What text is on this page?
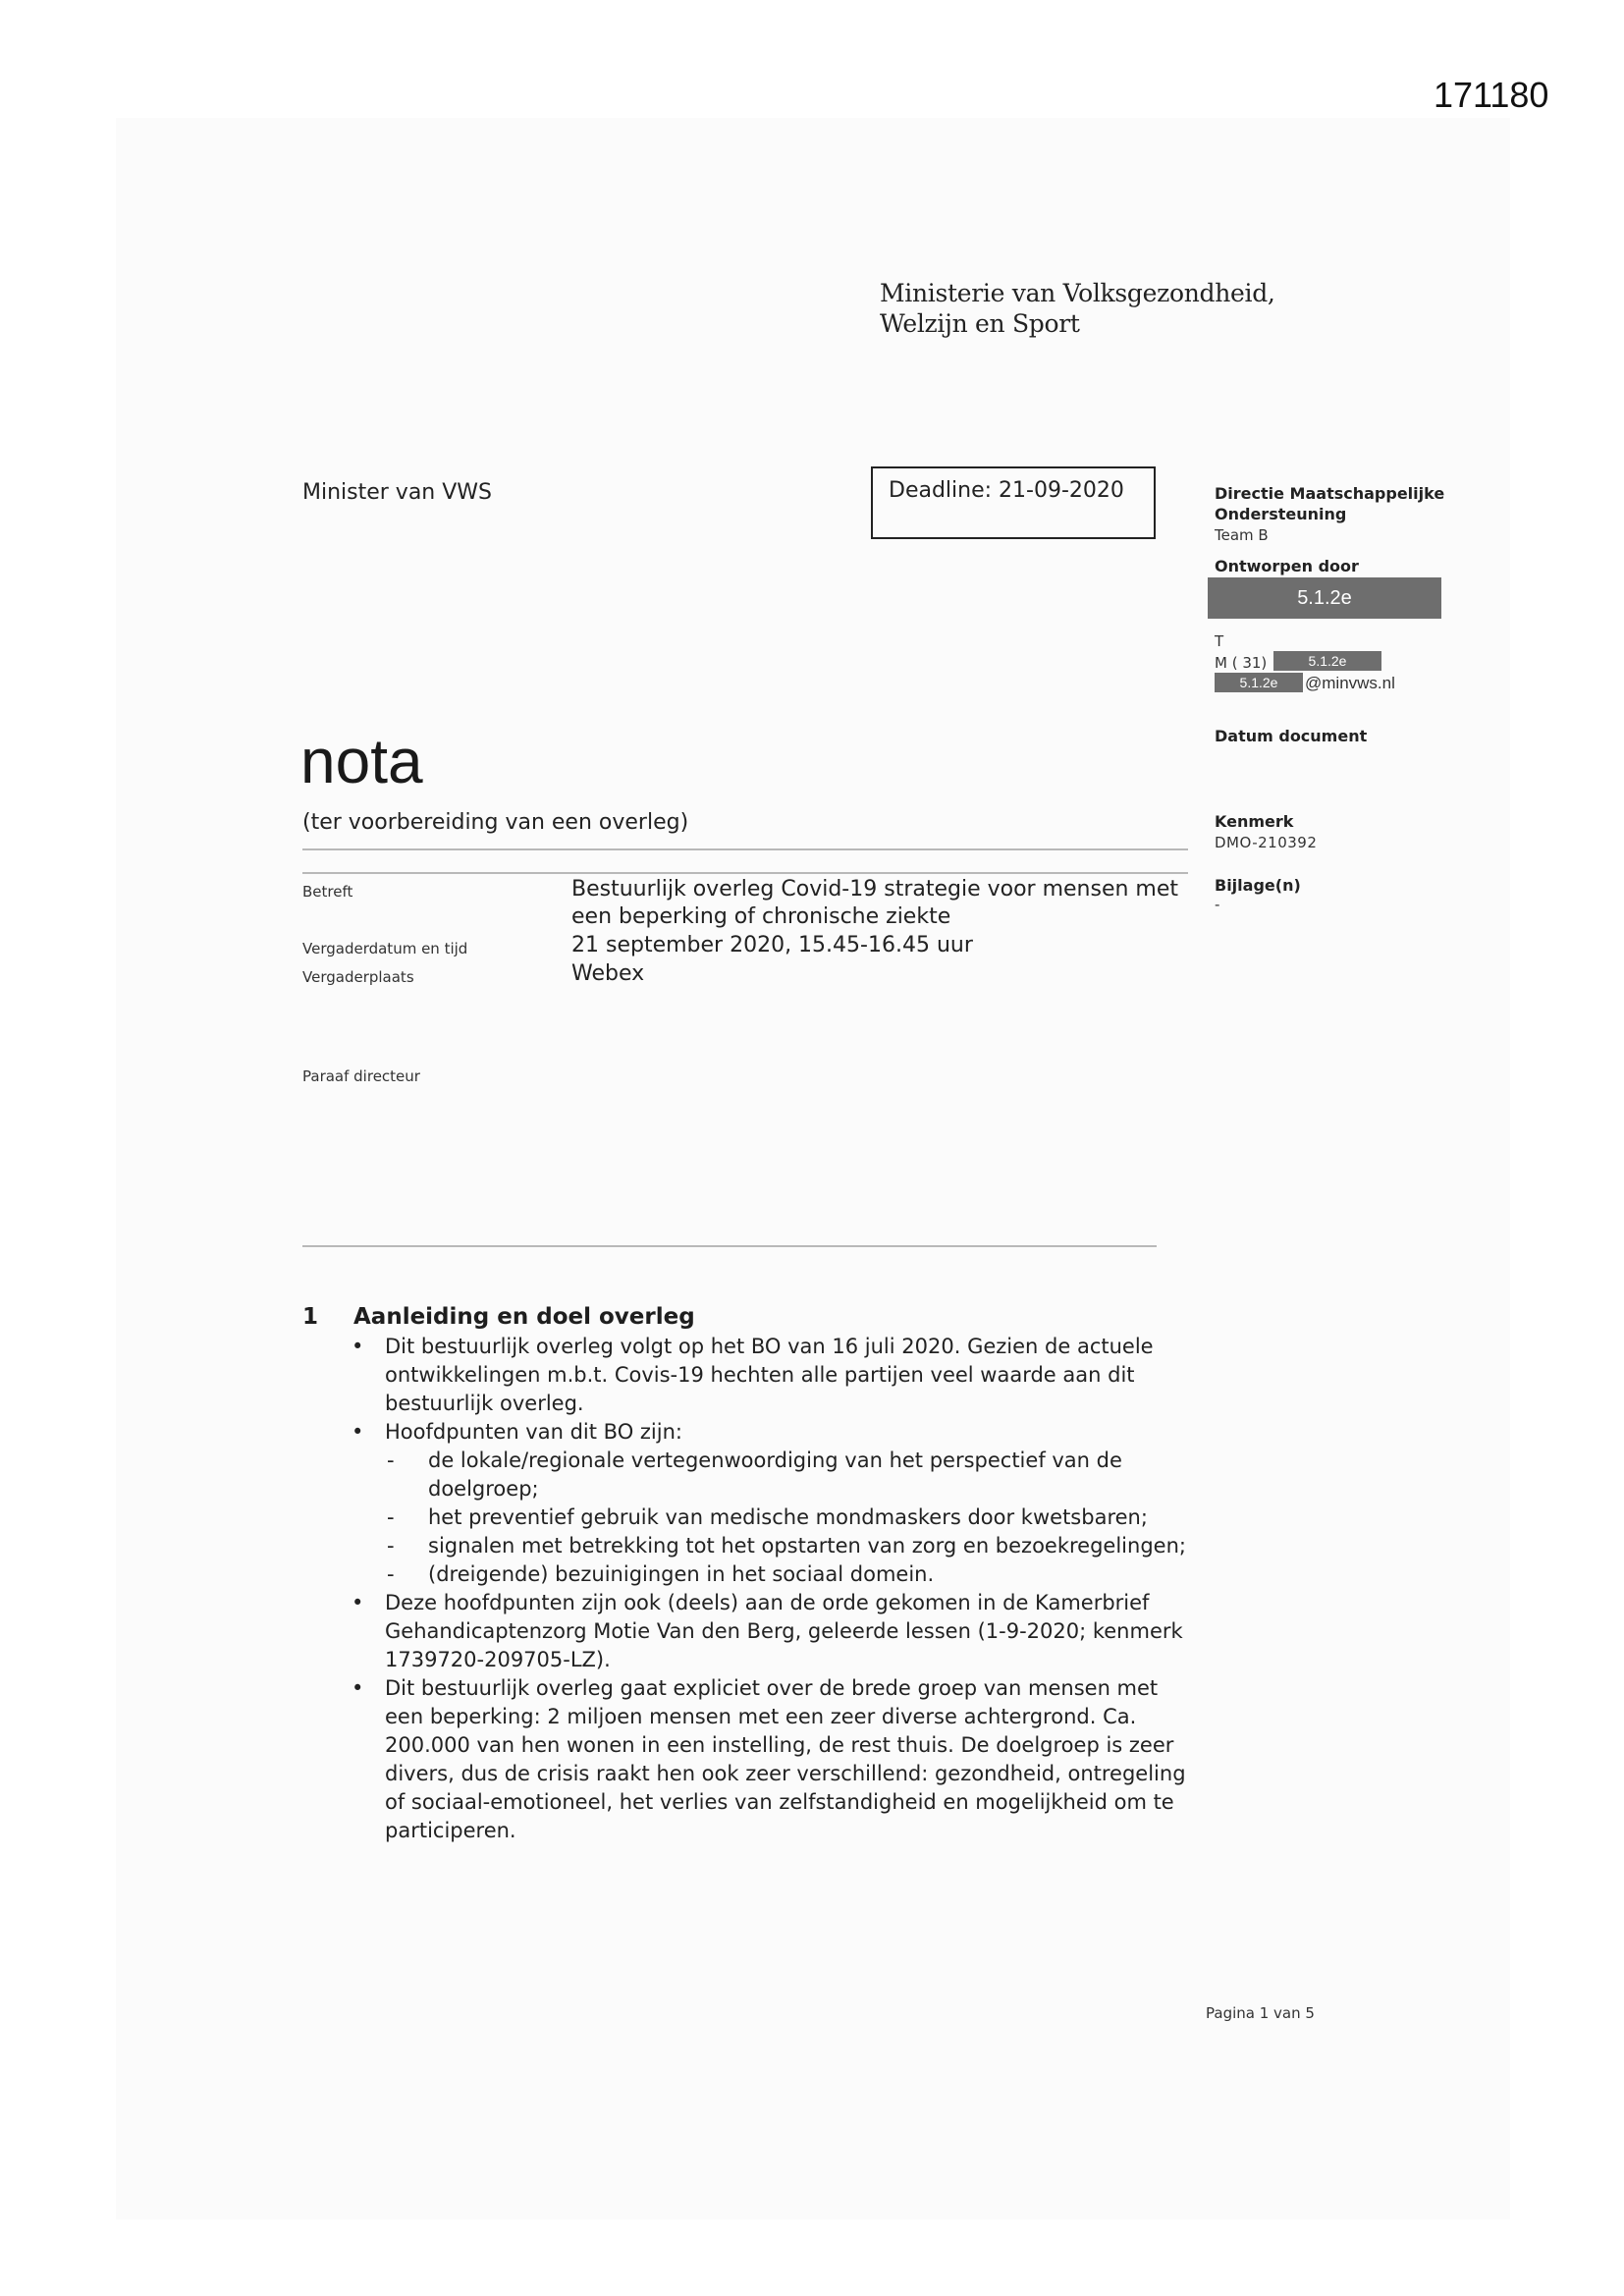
171180
Ministerie van Volksgezondheid,
Welzijn en Sport
Minister van VWS	Deadline: 21-09-2020	Directie Maatschappelijke
Ondersteuning
Team B
Ontworpen door
5.1.2e
T
M ( 31)	5.1.2e
5.1.2e	@minvws.nl
Datum document
Kenmerk
DMO-210392
Bijlage(n)
-
nota
(ter voorbereiding van een overleg)
Betreft	Bestuurlijk overleg Covid-19 strategie voor mensen met
een beperking of chronische ziekte
Vergaderdatum en tijd	21 september 2020, 15.45-16.45 uur
Vergaderplaats	Webex
Paraaf directeur
1 Aanleiding en doel overleg
• Dit bestuurlijk overleg volgt op het BO van 16 juli 2020. Gezien de actuele ontwikkelingen m.b.t. Covis-19 hechten alle partijen veel waarde aan dit bestuurlijk overleg.
• Hoofdpunten van dit BO zijn:
- de lokale/regionale vertegenwoordiging van het perspectief van de doelgroep;
- het preventief gebruik van medische mondmaskers door kwetsbaren;
- signalen met betrekking tot het opstarten van zorg en bezoekregelingen;
- (dreigende) bezuinigingen in het sociaal domein.
• Deze hoofdpunten zijn ook (deels) aan de orde gekomen in de Kamerbrief Gehandicaptenzorg Motie Van den Berg, geleerde lessen (1-9-2020; kenmerk 1739720-209705-LZ).
• Dit bestuurlijk overleg gaat expliciet over de brede groep van mensen met een beperking: 2 miljoen mensen met een zeer diverse achtergrond. Ca. 200.000 van hen wonen in een instelling, de rest thuis. De doelgroep is zeer divers, dus de crisis raakt hen ook zeer verschillend: gezondheid, ontregeling of sociaal-emotioneel, het verlies van zelfstandigheid en mogelijkheid om te participeren.
Pagina 1 van 5
